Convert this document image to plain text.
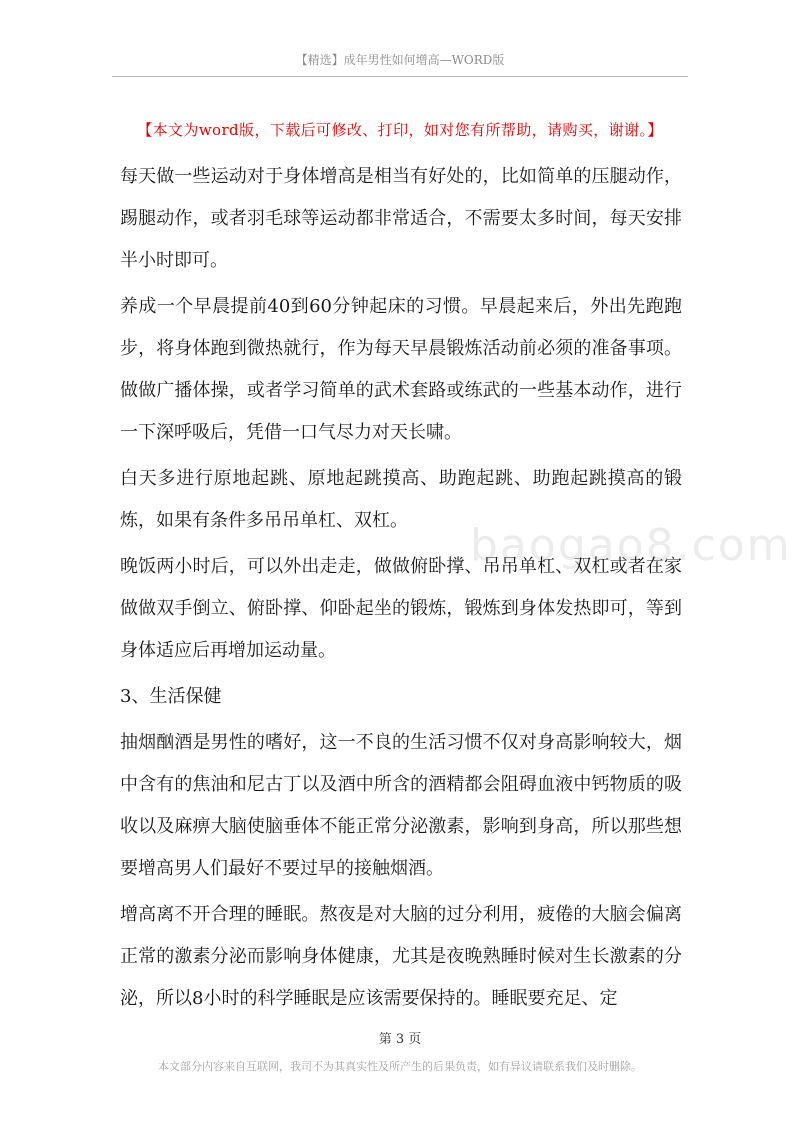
【精选】成年男性如何增高—WORD版
【本文为word版，下载后可修改、打印，如对您有所帮助，请购买，谢谢。】
baogao8.com

每天做一些运动对于身体增高是相当有好处的，比如简单的压腿动作，踢腿动作，或者羽毛球等运动都非常适合，不需要太多时间，每天安排半小时即可。

养成一个早晨提前40到60分钟起床的习惯。早晨起来后，外出先跑跑步，将身体跑到微热就行，作为每天早晨锻炼活动前必须的准备事项。做做广播体操，或者学习简单的武术套路或练武的一些基本动作，进行一下深呼吸后，凭借一口气尽力对天长啸。

白天多进行原地起跳、原地起跳摸高、助跑起跳、助跑起跳摸高的锻炼，如果有条件多吊吊单杠、双杠。

晚饭两小时后，可以外出走走，做做俯卧撑、吊吊单杠、双杠或者在家做做双手倒立、俯卧撑、仰卧起坐的锻炼，锻炼到身体发热即可，等到身体适应后再增加运动量。

3、生活保健

抽烟酗酒是男性的嗜好，这一不良的生活习惯不仅对身高影响较大，烟中含有的焦油和尼古丁以及酒中所含的酒精都会阻碍血液中钙物质的吸收以及麻痹大脑使脑垂体不能正常分泌激素，影响到身高，所以那些想要增高男人们最好不要过早的接触烟酒。

增高离不开合理的睡眠。熬夜是对大脑的过分利用，疲倦的大脑会偏离正常的激素分泌而影响身体健康，尤其是夜晚熟睡时候对生长激素的分泌，所以8小时的科学睡眠是应该需要保持的。睡眠要充足、定

第 3 页
本文部分内容来自互联网，我司不为其真实性及所产生的后果负责，如有异议请联系我们及时删除。
